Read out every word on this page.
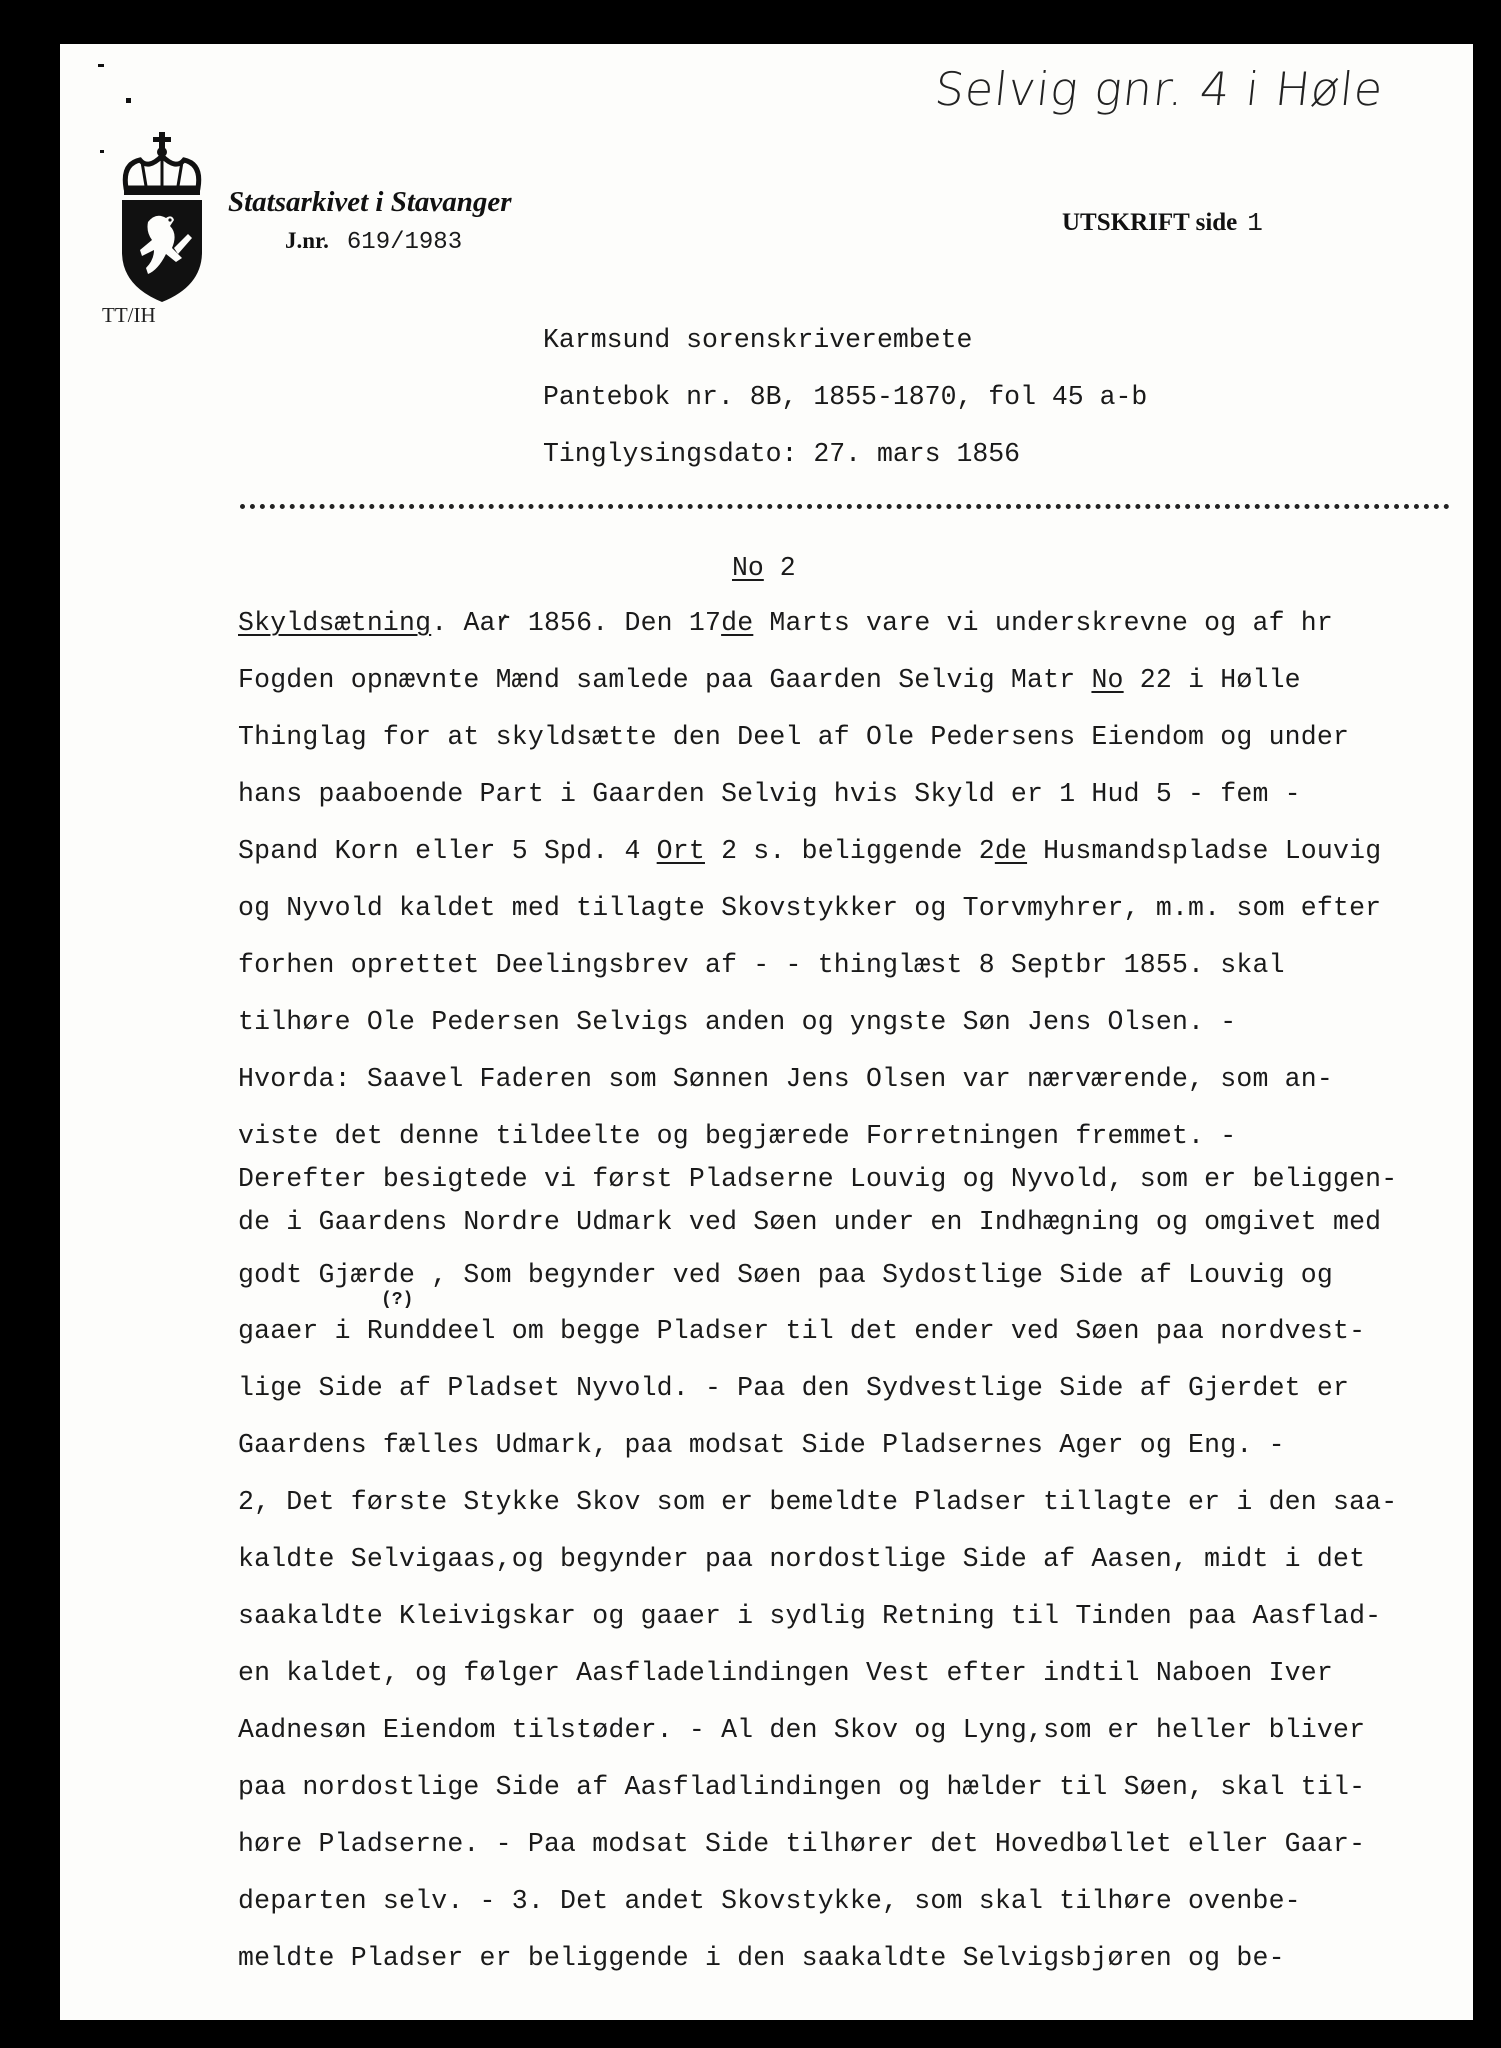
Selvig gnr. 4 i Høle
TT/IH
Statsarkivet i Stavanger
J.nr. 619/1983
UTSKRIFT side 1
Karmsund sorenskriverembete
Pantebok nr. 8B, 1855-1870, fol 45 a-b
Tinglysingsdato: 27. mars 1856
No 2
Skyldsætning. Aar 1856. Den 17de Marts vare vi underskrevne og af hr
Fogden opnævnte Mænd samlede paa Gaarden Selvig Matr No 22 i Hølle
Thinglag for at skyldsætte den Deel af Ole Pedersens Eiendom og under
hans paaboende Part i Gaarden Selvig hvis Skyld er 1 Hud 5 - fem -
Spand Korn eller 5 Spd. 4 Ort 2 s. beliggende 2de Husmandspladse Louvig
og Nyvold kaldet med tillagte Skovstykker og Torvmyhrer, m.m. som efter
forhen oprettet Deelingsbrev af - - thinglæst 8 Septbr 1855. skal
tilhøre Ole Pedersen Selvigs anden og yngste Søn Jens Olsen. -
Hvorda: Saavel Faderen som Sønnen Jens Olsen var nærværende, som an-
viste det denne tildeelte og begjærede Forretningen fremmet. -
Derefter besigtede vi først Pladserne Louvig og Nyvold, som er beliggen-
de i Gaardens Nordre Udmark ved Søen under en Indhægning og omgivet med
godt Gjærde , Som begynder ved Søen paa Sydostlige Side af Louvig og
(?)
gaaer i Runddeel om begge Pladser til det ender ved Søen paa nordvest-
lige Side af Pladset Nyvold. - Paa den Sydvestlige Side af Gjerdet er
Gaardens fælles Udmark, paa modsat Side Pladsernes Ager og Eng. -
2, Det første Stykke Skov som er bemeldte Pladser tillagte er i den saa-
kaldte Selvigaas,og begynder paa nordostlige Side af Aasen, midt i det
saakaldte Kleivigskar og gaaer i sydlig Retning til Tinden paa Aasflad-
en kaldet, og følger Aasfladelindingen Vest efter indtil Naboen Iver
Aadnesøn Eiendom tilstøder. - Al den Skov og Lyng,som er heller bliver
paa nordostlige Side af Aasfladlindingen og hælder til Søen, skal til-
høre Pladserne. - Paa modsat Side tilhører det Hovedbøllet eller Gaar-
departen selv. - 3. Det andet Skovstykke, som skal tilhøre ovenbe-
meldte Pladser er beliggende i den saakaldte Selvigsbjøren og be-
